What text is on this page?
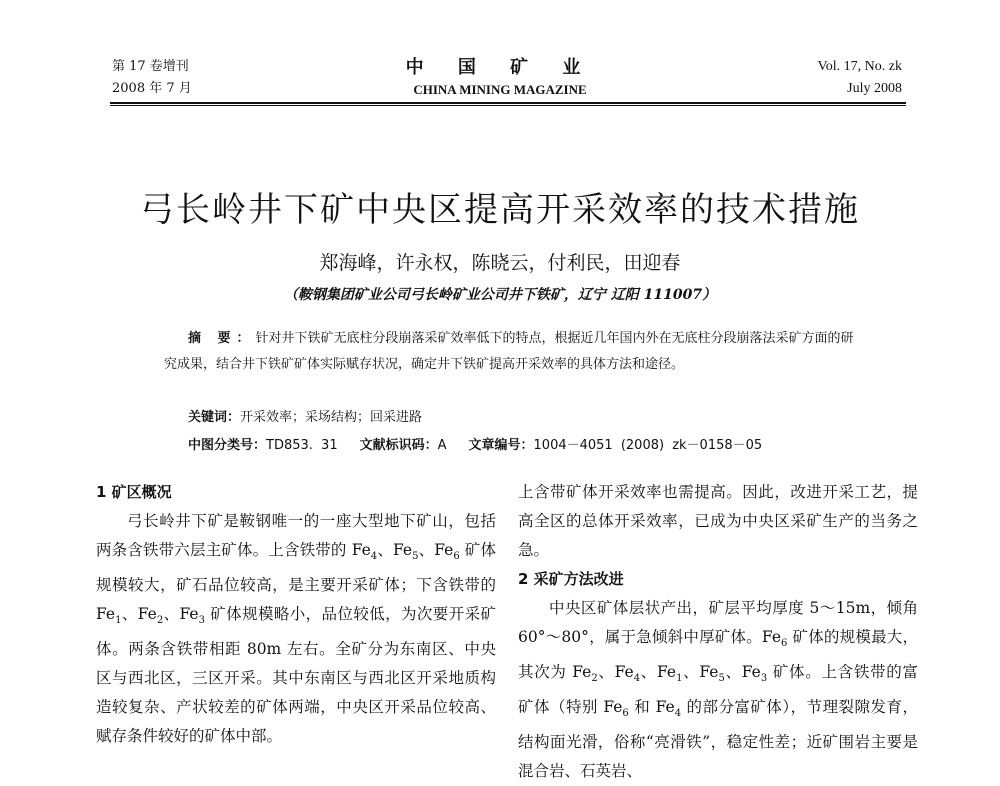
第 17 卷增刊
2008 年 7 月
中 国 矿 业
CHINA MINING MAGAZINE
Vol. 17, No. zk
July 2008
弓长岭井下矿中央区提高开采效率的技术措施
郑海峰，许永权，陈晓云，付利民，田迎春
（鞍钢集团矿业公司弓长岭矿业公司井下铁矿，辽宁 辽阳 111007）
摘 要：针对井下铁矿无底柱分段崩落采矿效率低下的特点，根据近几年国内外在无底柱分段崩落法采矿方面的研究成果，结合井下铁矿矿体实际赋存状况，确定井下铁矿提高开采效率的具体方法和途径。
关键词：开采效率；采场结构；回采进路
中图分类号：TD853. 31 文献标识码：A 文章编号：1004－4051 (2008) zk－0158－05
1 矿区概况
弓长岭井下矿是鞍钢唯一的一座大型地下矿山，包括两条含铁带六层主矿体。上含铁带的 $Fe_4$、$Fe_5$、$Fe_6$ 矿体规模较大，矿石品位较高，是主要开采矿体；下含铁带的 $Fe_1$、$Fe_2$、$Fe_3$ 矿体规模略小，品位较低，为次要开采矿体。两条含铁带相距 80m 左右。全矿分为东南区、中央区与西北区，三区开采。其中东南区与西北区开采地质构造较复杂、产状较差的矿体两端，中央区开采品位较高、赋存条件较好的矿体中部。
上含带矿体开采效率也需提高。因此，改进开采工艺，提高全区的总体开采效率，已成为中央区采矿生产的当务之急。
2 采矿方法改进
中央区矿体层状产出，矿层平均厚度 5～15m，倾角 60°～80°，属于急倾斜中厚矿体。$Fe_6$ 矿体的规模最大，其次为 $Fe_2$、$Fe_4$、$Fe_1$、$Fe_5$、$Fe_3$ 矿体。上含铁带的富矿体（特别 $Fe_6$ 和 $Fe_4$ 的部分富矿体），节理裂隙发育，结构面光滑，俗称“亮滑铁”，稳定性差；近矿围岩主要是混合岩、石英岩、
